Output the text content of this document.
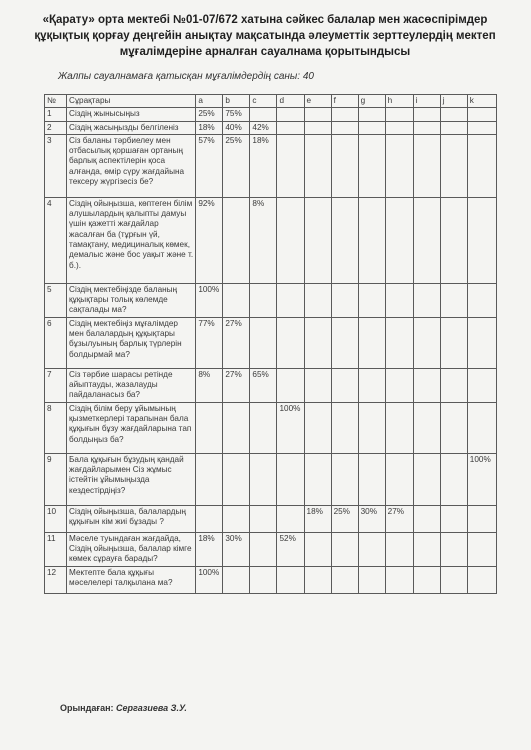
«Қарату» орта мектебі №01-07/672 хатына сәйкес балалар мен жасөспірімдер құқықтық қорғау деңгейін анықтау мақсатында әлеуметтік зерттеулердің мектеп мұғалімдеріне арналған сауалнама қорытындысы
Жалпы сауалнамаға қатысқан мұғалімдердің саны: 40
№	Сұрақтары	a	b	c	d	e	f	g	h	i	j	k
1	Сіздің жынысыңыз	25%	75%									
2	Сіздің жасыңызды белгіленіз	18%	40%	42%								
3	Сіз баланы тәрбиелеу мен отбасылық қоршаған ортаның барлық аспектілерін қоса алғанда, өмір сүру жағдайына тексеру жүргізесіз бе?	57%	25%	18%								
4	Сіздің ойыңызша, көптеген білім алушылардың қалыпты дамуы үшін қажетті жағдайлар жасалған ба (тұрғын үй, тамақтану, медициналық көмек, демалыс және бос уақыт және т. б.).	92%		8%								
5	Сіздің мектебіңізде баланың құқықтары толық көлемде сақталады ма?	100%										
6	Сіздің мектебіңіз мұғалімдер мен балалардың құқықтары бұзылуының барлық түрлерін болдырмай ма?	77%	27%									
7	Сіз тәрбие шарасы ретінде айыптауды, жазалауды пайдаланасыз ба?	8%	27%	65%								
8	Сіздің білім беру ұйымының қызметкерлері тарапынан бала құқығын бұзу жағдайларына тап болдыңыз ба?				100%							
9	Бала құқығын бұзудың қандай жағдайларымен Сіз жұмыс істейтін ұйымыңызда кездестірдіңіз?											100%
10	Сіздің ойыңызша, балалардың құқығын кім жиі бұзады ?					18%	25%	30%	27%			
11	Мәселе туындаған жағдайда, Сіздің ойыңызша, балалар кімге көмек сұрауға барады?	18%	30%		52%							
12	Мектепте бала құқығы мәселелері талқылана ма?	100%										
Орындаған: Сергазиева З.У.
